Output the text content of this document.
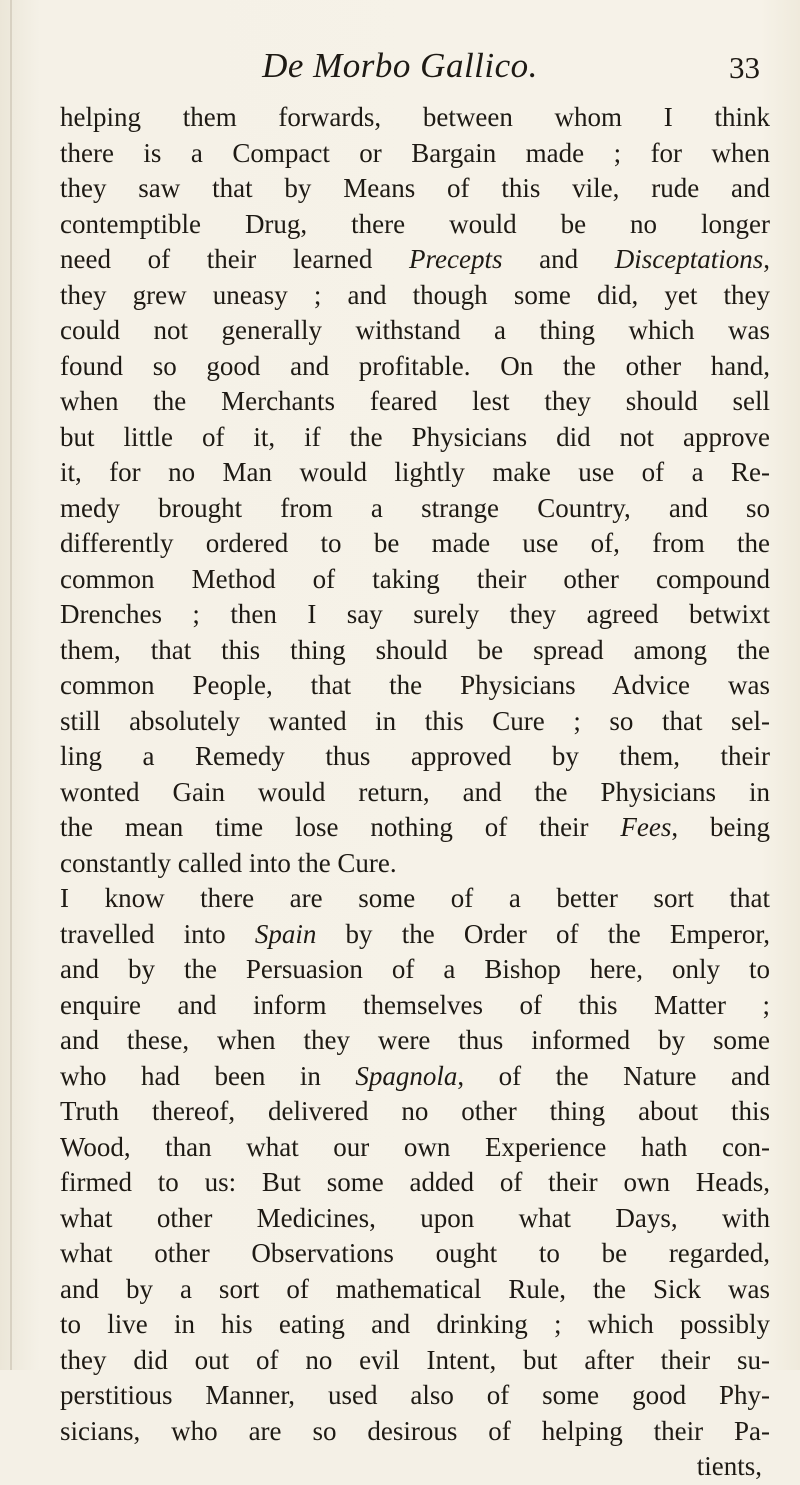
De Morbo Gallico.	33
helping them forwards, between whom I think
there is a Compact or Bargain made ; for when
they saw that by Means of this vile, rude and
contemptible Drug, there would be no longer
need of their learned Precepts and Disceptations,
they grew uneasy ; and though some did, yet they
could not generally withstand a thing which was
found so good and profitable. On the other hand,
when the Merchants feared lest they should sell
but little of it, if the Physicians did not approve
it, for no Man would lightly make use of a Re-
medy brought from a strange Country, and so
differently ordered to be made use of, from the
common Method of taking their other compound
Drenches ; then I say surely they agreed betwixt
them, that this thing should be spread among the
common People, that the Physicians Advice was
still absolutely wanted in this Cure ; so that sel-
ling a Remedy thus approved by them, their
wonted Gain would return, and the Physicians in
the mean time lose nothing of their Fees, being
constantly called into the Cure.
I know there are some of a better sort that
travelled into Spain by the Order of the Emperor,
and by the Persuasion of a Bishop here, only to
enquire and inform themselves of this Matter ;
and these, when they were thus informed by some
who had been in Spagnola, of the Nature and
Truth thereof, delivered no other thing about this
Wood, than what our own Experience hath con-
firmed to us: But some added of their own Heads,
what other Medicines, upon what Days, with
what other Observations ought to be regarded,
and by a sort of mathematical Rule, the Sick was
to live in his eating and drinking ; which possibly
they did out of no evil Intent, but after their su-
perstitious Manner, used also of some good Phy-
sicians, who are so desirous of helping their Pa-
tients,
